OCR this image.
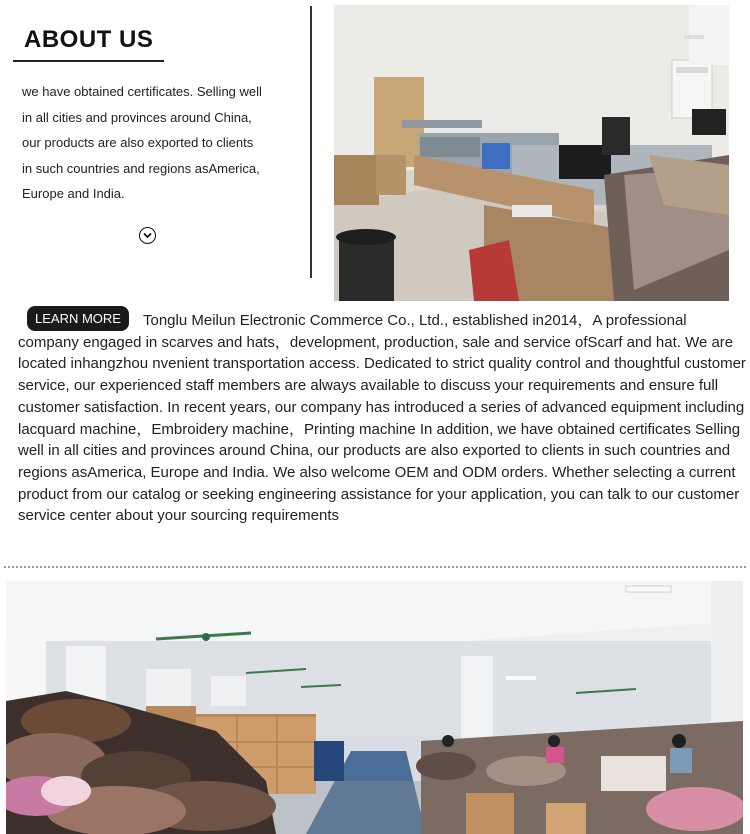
ABOUT US

we have obtained certificates. Selling well

in all cities and provinces around China,

our products are also exported to clients

in such countries and regions asAmerica,

Europe and India.

LEARN MORE	Tonglu Meilun Electronic Commerce Co., Ltd., established in2014，A professional company engaged in scarves and hats，development, production, sale and service ofScarf and hat. We are located inhangzhou nvenient transportation access. Dedicated to strict quality control and thoughtful customer service, our experienced staff members are always available to discuss your requirements and ensure full customer satisfaction. In recent years, our company has introduced a series of advanced equipment including lacquard machine，Embroidery machine，Printing machine In addition, we have obtained certificates Selling well in all cities and provinces around China, our products are also exported to clients in such countries and regions asAmerica, Europe and India. We also welcome OEM and ODM orders. Whether selecting a current product from our catalog or seeking engineering assistance for your application, you can talk to our customer service center about your sourcing requirements
